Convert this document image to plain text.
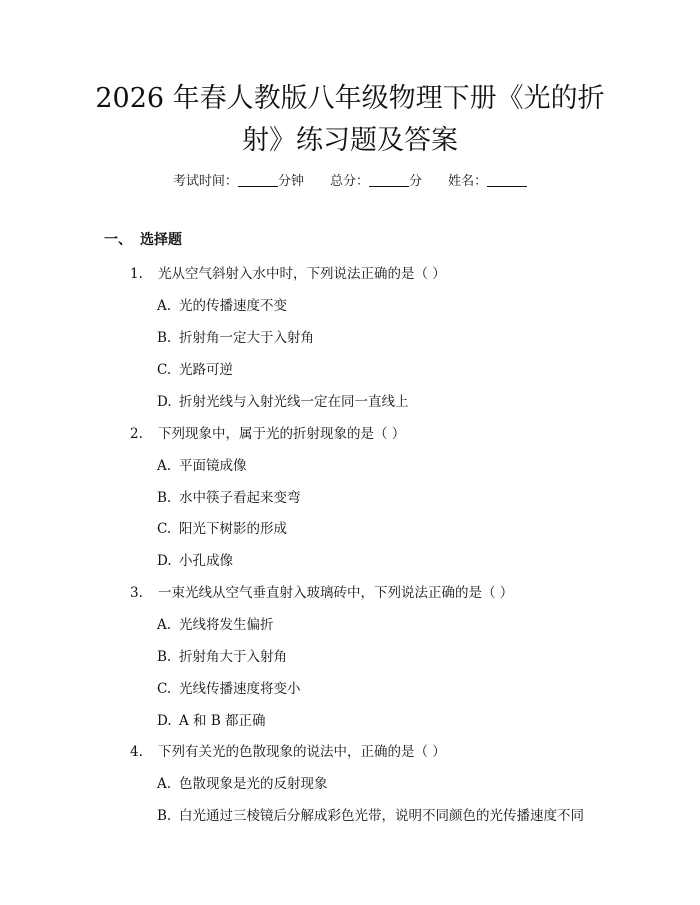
2026 年春人教版八年级物理下册《光的折
射》练习题及答案
考试时间：	分钟 总分：	分 姓名：
一、 选择题
1. 光从空气斜射入水中时，下列说法正确的是（ ）
A. 光的传播速度不变
B. 折射角一定大于入射角
C. 光路可逆
D. 折射光线与入射光线一定在同一直线上
2. 下列现象中，属于光的折射现象的是（ ）
A. 平面镜成像
B. 水中筷子看起来变弯
C. 阳光下树影的形成
D. 小孔成像
3. 一束光线从空气垂直射入玻璃砖中，下列说法正确的是（ ）
A. 光线将发生偏折
B. 折射角大于入射角
C. 光线传播速度将变小
D. A 和 B 都正确
4. 下列有关光的色散现象的说法中，正确的是（ ）
A. 色散现象是光的反射现象
B. 白光通过三棱镜后分解成彩色光带，说明不同颜色的光传播速度不同
